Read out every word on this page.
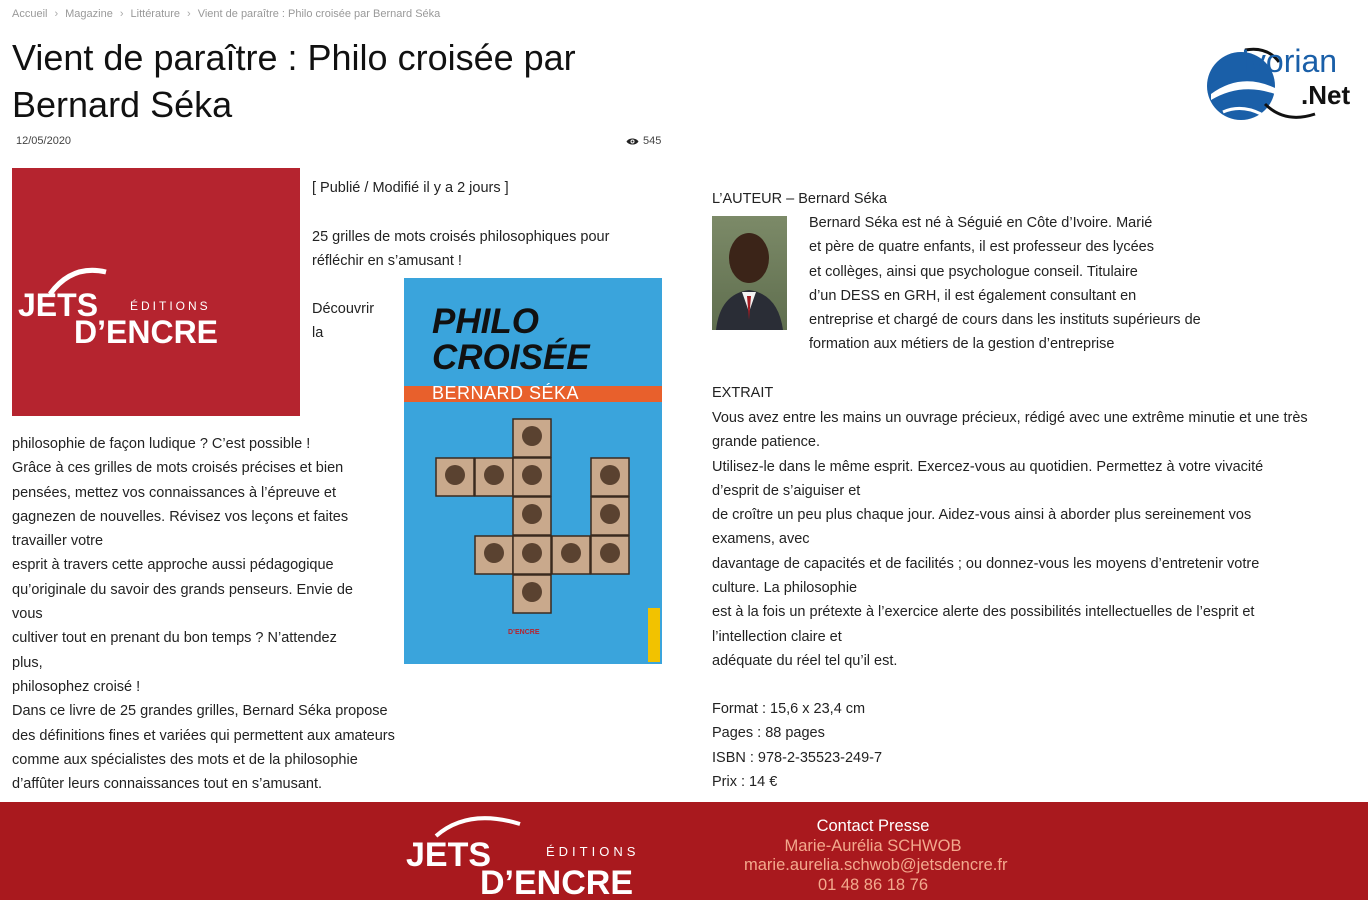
Accueil › Magazine › Littérature › Vient de paraître : Philo croisée par Bernard Séka
Vient de paraître : Philo croisée par
Bernard Séka
12/05/2020	545
Ivorian
.Net
JETS	ÉDITIONS
D’ENCRE
[ Publié / Modifié il y a 2 jours ]
25 grilles de mots croisés philosophiques pour
réfléchir en s’amusant !
Découvrir
la	PHILO
CROISÉE
BERNARD SÉKA
D’ENCRE
philosophie de façon ludique ? C’est possible !
Grâce à ces grilles de mots croisés précises et bien
pensées, mettez vos connaissances à l’épreuve et
gagnezen de nouvelles. Révisez vos leçons et faites
travailler votre
esprit à travers cette approche aussi pédagogique
qu’originale du savoir des grands penseurs. Envie de
vous
cultiver tout en prenant du bon temps ? N’attendez
plus,
philosophez croisé !
Dans ce livre de 25 grandes grilles, Bernard Séka propose
des définitions fines et variées qui permettent aux amateurs
comme aux spécialistes des mots et de la philosophie
d’affûter leurs connaissances tout en s’amusant.
L’AUTEUR – Bernard Séka
Bernard Séka est né à Séguié en Côte d’Ivoire. Marié
et père de quatre enfants, il est professeur des lycées
et collèges, ainsi que psychologue conseil. Titulaire
d’un DESS en GRH, il est également consultant en
entreprise et chargé de cours dans les instituts supérieurs de
formation aux métiers de la gestion d’entreprise
EXTRAIT
Vous avez entre les mains un ouvrage précieux, rédigé avec une extrême minutie et une très
grande patience.
Utilisez-le dans le même esprit. Exercez-vous au quotidien. Permettez à votre vivacité
d’esprit de s’aiguiser et
de croître un peu plus chaque jour. Aidez-vous ainsi à aborder plus sereinement vos
examens, avec
davantage de capacités et de facilités ; ou donnez-vous les moyens d’entretenir votre
culture. La philosophie
est à la fois un prétexte à l’exercice alerte des possibilités intellectuelles de l’esprit et
l’intellection claire et
adéquate du réel tel qu’il est.
Format : 15,6 x 23,4 cm
Pages : 88 pages
ISBN : 978-2-35523-249-7
Prix : 14 €
JETS	ÉDITIONS
D’ENCRE
Contact Presse
Marie-Aurélia SCHWOB
marie.aurelia.schwob@jetsdencre.fr
01 48 86 18 76
